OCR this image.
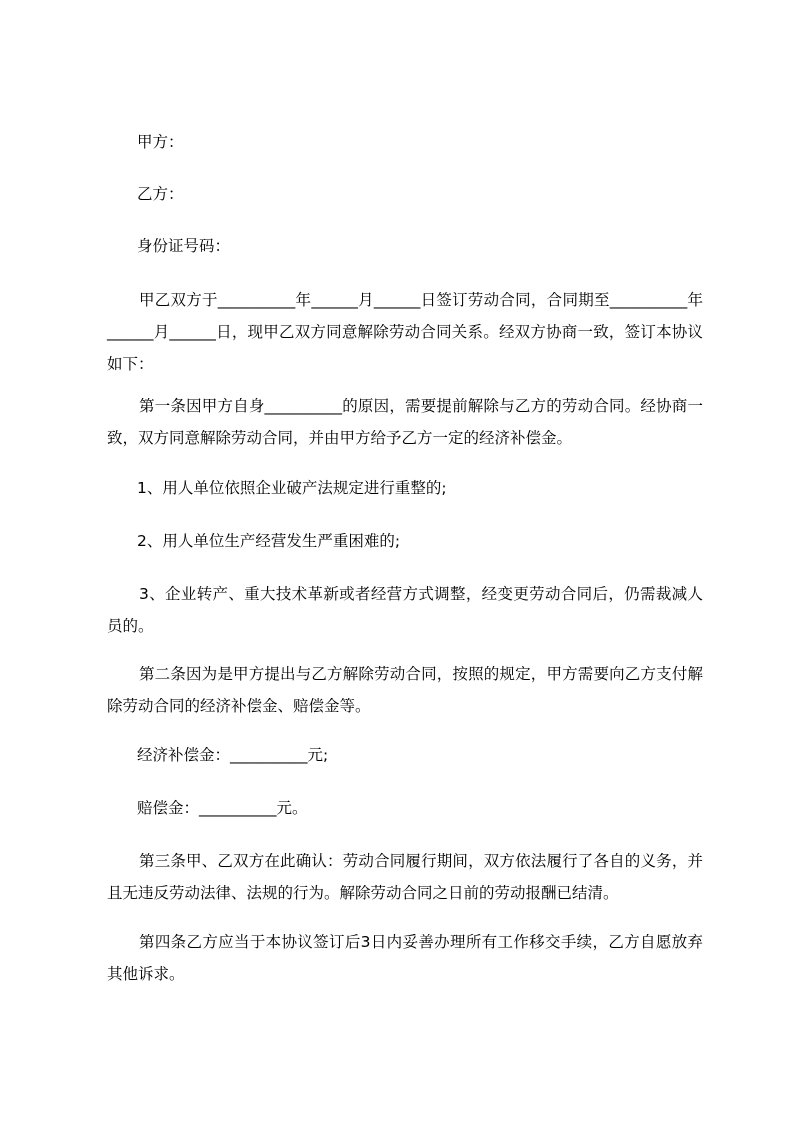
甲方：

乙方：

身份证号码：

甲乙双方于__________年______月______日签订劳动合同，合同期至__________年______月______日，现甲乙双方同意解除劳动合同关系。经双方协商一致，签订本协议如下：

第一条因甲方自身__________的原因，需要提前解除与乙方的劳动合同。经协商一致，双方同意解除劳动合同，并由甲方给予乙方一定的经济补偿金。

1、用人单位依照企业破产法规定进行重整的;

2、用人单位生产经营发生严重困难的;

3、企业转产、重大技术革新或者经营方式调整，经变更劳动合同后，仍需裁减人员的。

第二条因为是甲方提出与乙方解除劳动合同，按照的规定，甲方需要向乙方支付解除劳动合同的经济补偿金、赔偿金等。

经济补偿金：__________元;

赔偿金：__________元。

第三条甲、乙双方在此确认：劳动合同履行期间，双方依法履行了各自的义务，并且无违反劳动法律、法规的行为。解除劳动合同之日前的劳动报酬已结清。

第四条乙方应当于本协议签订后3日内妥善办理所有工作移交手续，乙方自愿放弃其他诉求。
